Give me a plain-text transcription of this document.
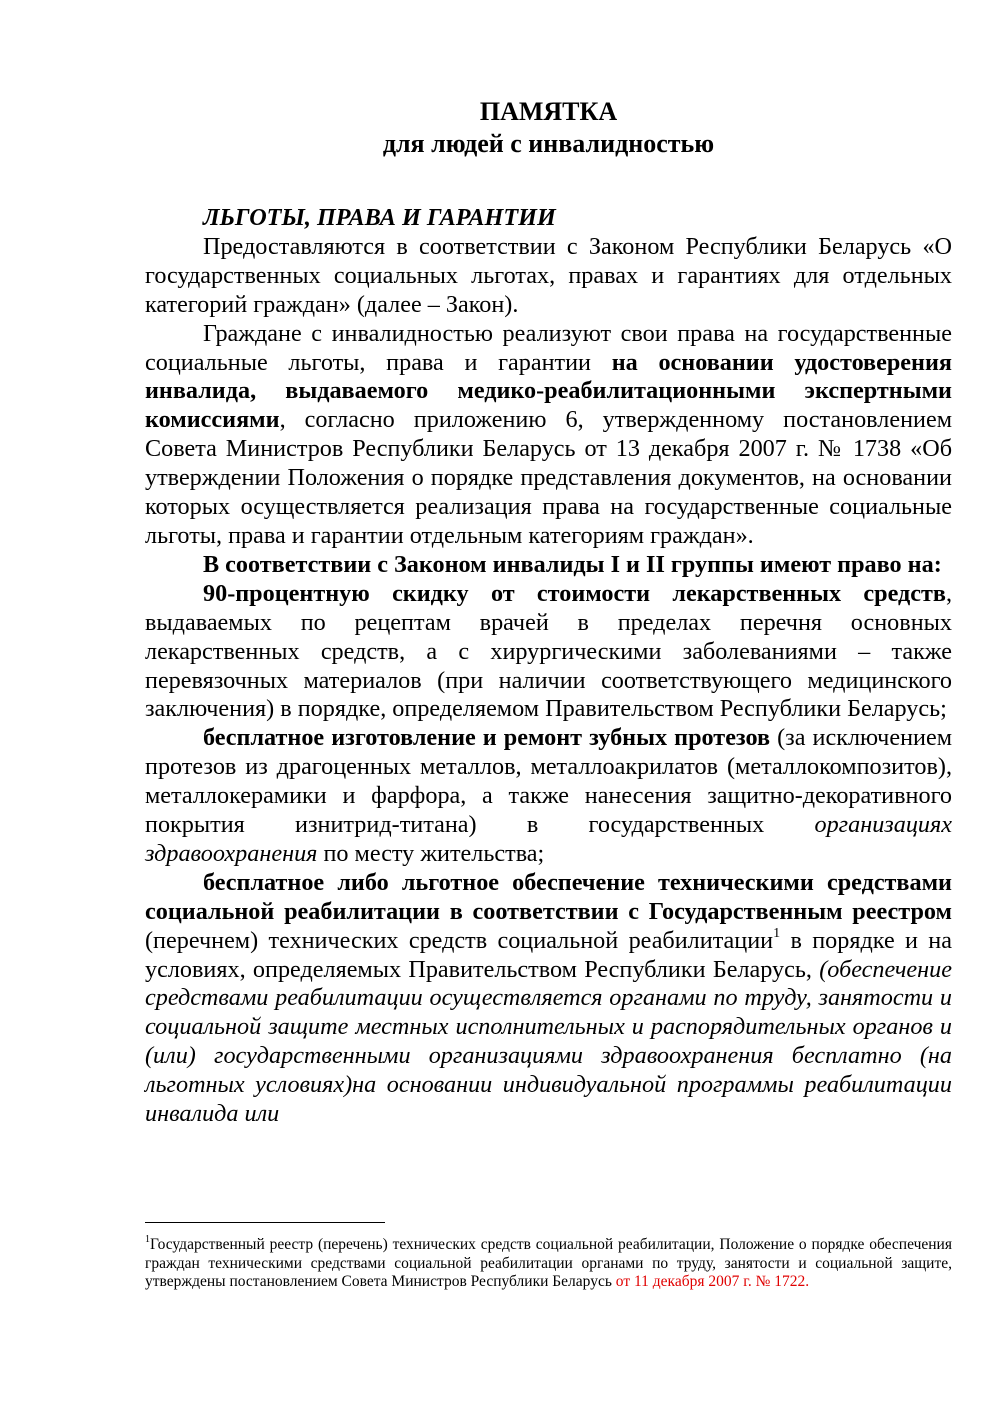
ПАМЯТКА

для людей с инвалидностью

ЛЬГОТЫ, ПРАВА И ГАРАНТИИ

Предоставляются в соответствии с Законом Республики Беларусь «О государственных социальных льготах, правах и гарантиях для отдельных категорий граждан» (далее – Закон).

Граждане с инвалидностью реализуют свои права на государственные социальные льготы, права и гарантии на основании удостоверения инвалида, выдаваемого медико-реабилитационными экспертными комиссиями, согласно приложению 6, утвержденному постановлением Совета Министров Республики Беларусь от 13 декабря 2007 г. № 1738 «Об утверждении Положения о порядке представления документов, на основании которых осуществляется реализация права на государственные социальные льготы, права и гарантии отдельным категориям граждан».

В соответствии с Законом инвалиды I и II группы имеют право на:

90-процентную скидку от стоимости лекарственных средств, выдаваемых по рецептам врачей в пределах перечня основных лекарственных средств, а с хирургическими заболеваниями – также перевязочных материалов (при наличии соответствующего медицинского заключения) в порядке, определяемом Правительством Республики Беларусь;

бесплатное изготовление и ремонт зубных протезов (за исключением протезов из драгоценных металлов, металлоакрилатов (металлокомпозитов), металлокерамики и фарфора, а также нанесения защитно-декоративного покрытия изнитрид-титана) в государственных организациях здравоохранения по месту жительства;

бесплатное либо льготное обеспечение техническими средствами социальной реабилитации в соответствии с Государственным реестром (перечнем) технических средств социальной реабилитации$^1$ в порядке и на условиях, определяемых Правительством Республики Беларусь, (обеспечение средствами реабилитации осуществляется органами по труду, занятости и социальной защите местных исполнительных и распорядительных органов и (или) государственными организациями здравоохранения бесплатно (на льготных условиях)на основании индивидуальной программы реабилитации инвалида или

$^1$Государственный реестр (перечень) технических средств социальной реабилитации, Положение о порядке обеспечения граждан техническими средствами социальной реабилитации органами по труду, занятости и социальной защите, утверждены постановлением Совета Министров Республики Беларусь от 11 декабря 2007 г. № 1722.
